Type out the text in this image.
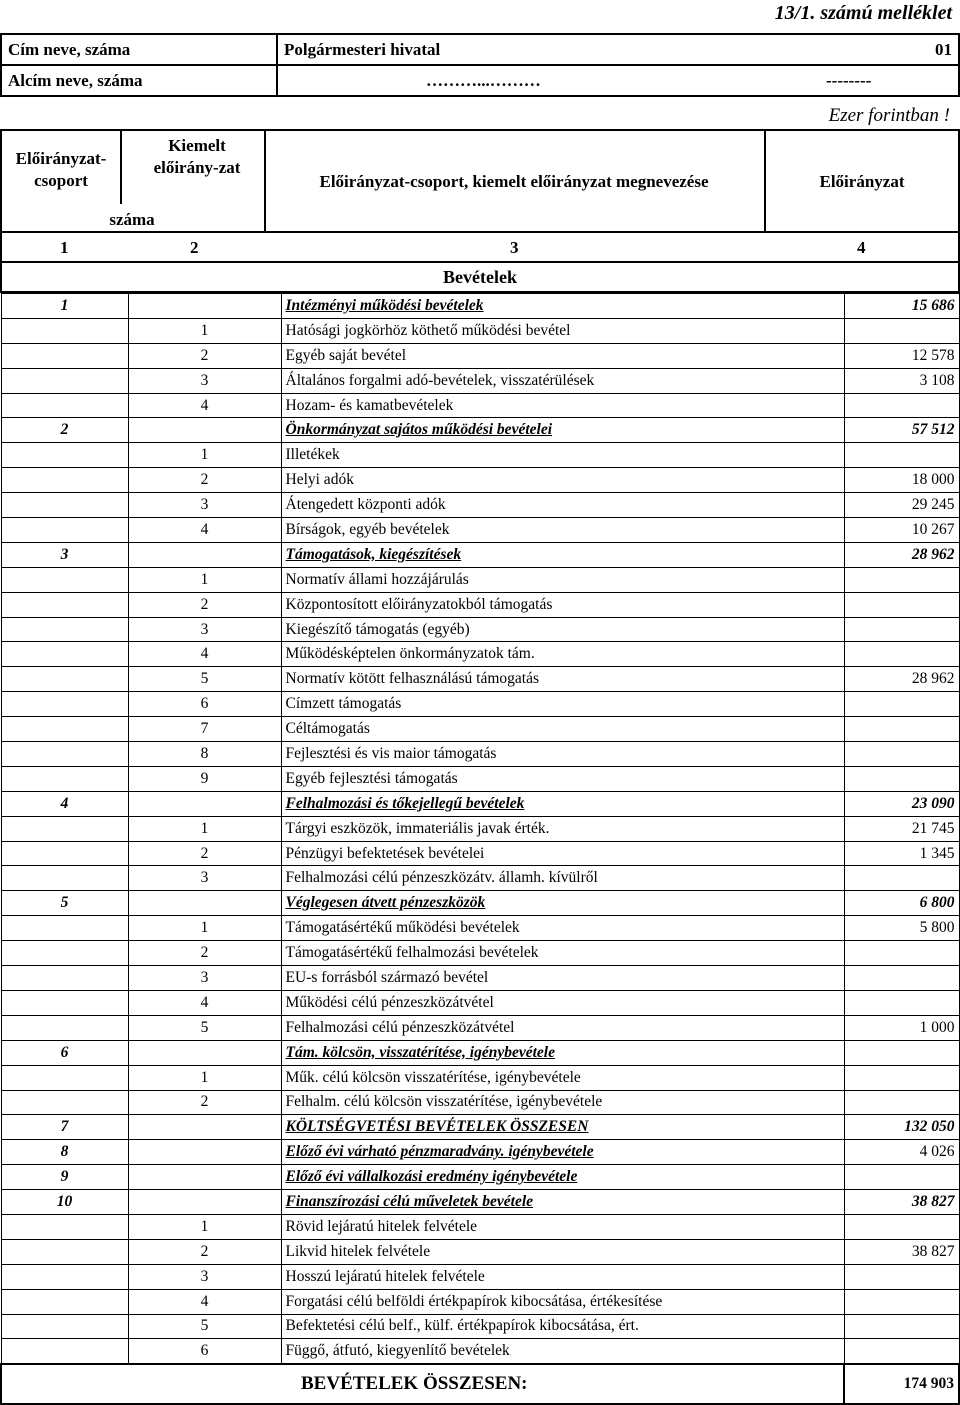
13/1. számú melléklet
Cím neve, száma	Polgármesteri hivatal	01
Alcím neve, száma	………...………	--------
Ezer forintban !
Előirányzat-csoport
Kiemelt előirány-zat
száma
Előirányzat-csoport, kiemelt előirányzat megnevezése	Előirányzat
1	2	3	4
Bevételek
1		Intézményi működési bevételek	15 686
	1	Hatósági jogkörhöz köthető működési bevétel	
	2	Egyéb saját bevétel	12 578
	3	Általános forgalmi adó-bevételek, visszatérülések	3 108
	4	Hozam- és kamatbevételek	
2		Önkormányzat sajátos működési bevételei	57 512
	1	Illetékek	
	2	Helyi adók	18 000
	3	Átengedett központi adók	29 245
	4	Bírságok, egyéb bevételek	10 267
3		Támogatások, kiegészítések	28 962
	1	Normatív állami hozzájárulás	
	2	Központosított előirányzatokból támogatás	
	3	Kiegészítő támogatás (egyéb)	
	4	Működésképtelen önkormányzatok tám.	
	5	Normatív kötött felhasználású támogatás	28 962
	6	Címzett támogatás	
	7	Céltámogatás	
	8	Fejlesztési és vis maior támogatás	
	9	Egyéb fejlesztési támogatás	
4		Felhalmozási és tőkejellegű bevételek	23 090
	1	Tárgyi eszközök, immateriális javak érték.	21 745
	2	Pénzügyi befektetések bevételei	1 345
	3	Felhalmozási célú pénzeszközátv. államh. kívülről	
5		Véglegesen átvett pénzeszközök	6 800
	1	Támogatásértékű működési bevételek	5 800
	2	Támogatásértékű felhalmozási bevételek	
	3	EU-s forrásból származó bevétel	
	4	Működési célú pénzeszközátvétel	
	5	Felhalmozási célú pénzeszközátvétel	1 000
6		Tám. kölcsön, visszatérítése, igénybevétele	
	1	Műk. célú kölcsön visszatérítése, igénybevétele	
	2	Felhalm. célú kölcsön visszatérítése, igénybevétele	
7		KÖLTSÉGVETÉSI BEVÉTELEK ÖSSZESEN	132 050
8		Előző évi várható pénzmaradvány. igénybevétele	4 026
9		Előző évi vállalkozási eredmény igénybevétele	
10		Finanszírozási célú műveletek bevétele	38 827
	1	Rövid lejáratú hitelek felvétele	
	2	Likvid hitelek felvétele	38 827
	3	Hosszú lejáratú hitelek felvétele	
	4	Forgatási célú belföldi értékpapírok kibocsátása, értékesítése	
	5	Befektetési célú belf., külf. értékpapírok kibocsátása, ért.	
	6	Függő, átfutó, kiegyenlítő bevételek	
		BEVÉTELEK ÖSSZESEN:	174 903
